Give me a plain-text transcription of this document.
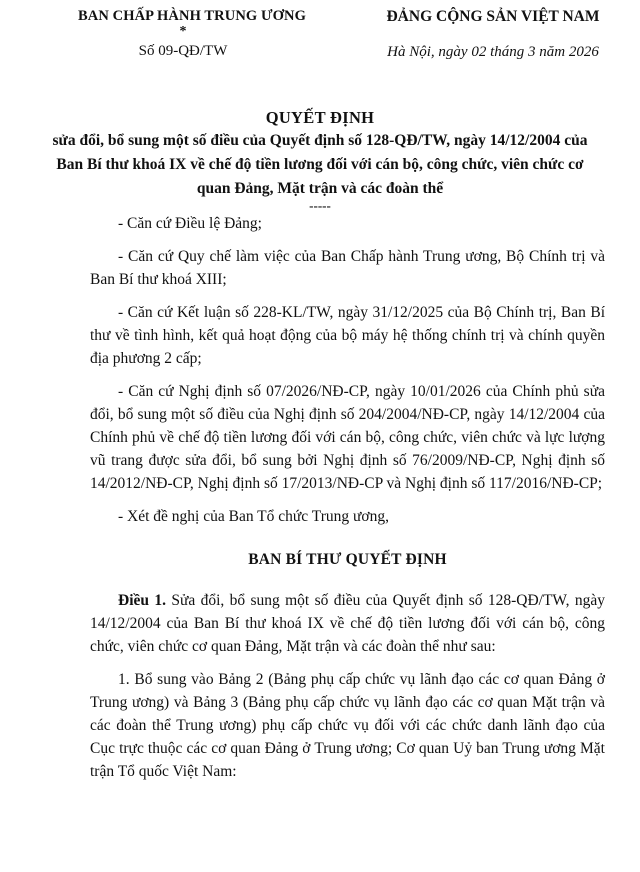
BAN CHẤP HÀNH TRUNG ƯƠNG
*
Số 09-QĐ/TW
ĐẢNG CỘNG SẢN VIỆT NAM
Hà Nội, ngày 02 tháng 3 năm 2026
QUYẾT ĐỊNH
sửa đổi, bổ sung một số điều của Quyết định số 128-QĐ/TW, ngày 14/12/2004 của Ban Bí thư khoá IX về chế độ tiền lương đối với cán bộ, công chức, viên chức cơ quan Đảng, Mặt trận và các đoàn thể
-----

- Căn cứ Điều lệ Đảng;

- Căn cứ Quy chế làm việc của Ban Chấp hành Trung ương, Bộ Chính trị và Ban Bí thư khoá XIII;

- Căn cứ Kết luận số 228-KL/TW, ngày 31/12/2025 của Bộ Chính trị, Ban Bí thư về tình hình, kết quả hoạt động của bộ máy hệ thống chính trị và chính quyền địa phương 2 cấp;

- Căn cứ Nghị định số 07/2026/NĐ-CP, ngày 10/01/2026 của Chính phủ sửa đổi, bổ sung một số điều của Nghị định số 204/2004/NĐ-CP, ngày 14/12/2004 của Chính phủ về chế độ tiền lương đối với cán bộ, công chức, viên chức và lực lượng vũ trang được sửa đổi, bổ sung bởi Nghị định số 76/2009/NĐ-CP, Nghị định số 14/2012/NĐ-CP, Nghị định số 17/2013/NĐ-CP và Nghị định số 117/2016/NĐ-CP;

- Xét đề nghị của Ban Tổ chức Trung ương,

BAN BÍ THƯ QUYẾT ĐỊNH

Điều 1. Sửa đổi, bổ sung một số điều của Quyết định số 128-QĐ/TW, ngày 14/12/2004 của Ban Bí thư khoá IX về chế độ tiền lương đối với cán bộ, công chức, viên chức cơ quan Đảng, Mặt trận và các đoàn thể như sau:

1. Bổ sung vào Bảng 2 (Bảng phụ cấp chức vụ lãnh đạo các cơ quan Đảng ở Trung ương) và Bảng 3 (Bảng phụ cấp chức vụ lãnh đạo các cơ quan Mặt trận và các đoàn thể Trung ương) phụ cấp chức vụ đối với các chức danh lãnh đạo của Cục trực thuộc các cơ quan Đảng ở Trung ương; Cơ quan Uỷ ban Trung ương Mặt trận Tổ quốc Việt Nam:
